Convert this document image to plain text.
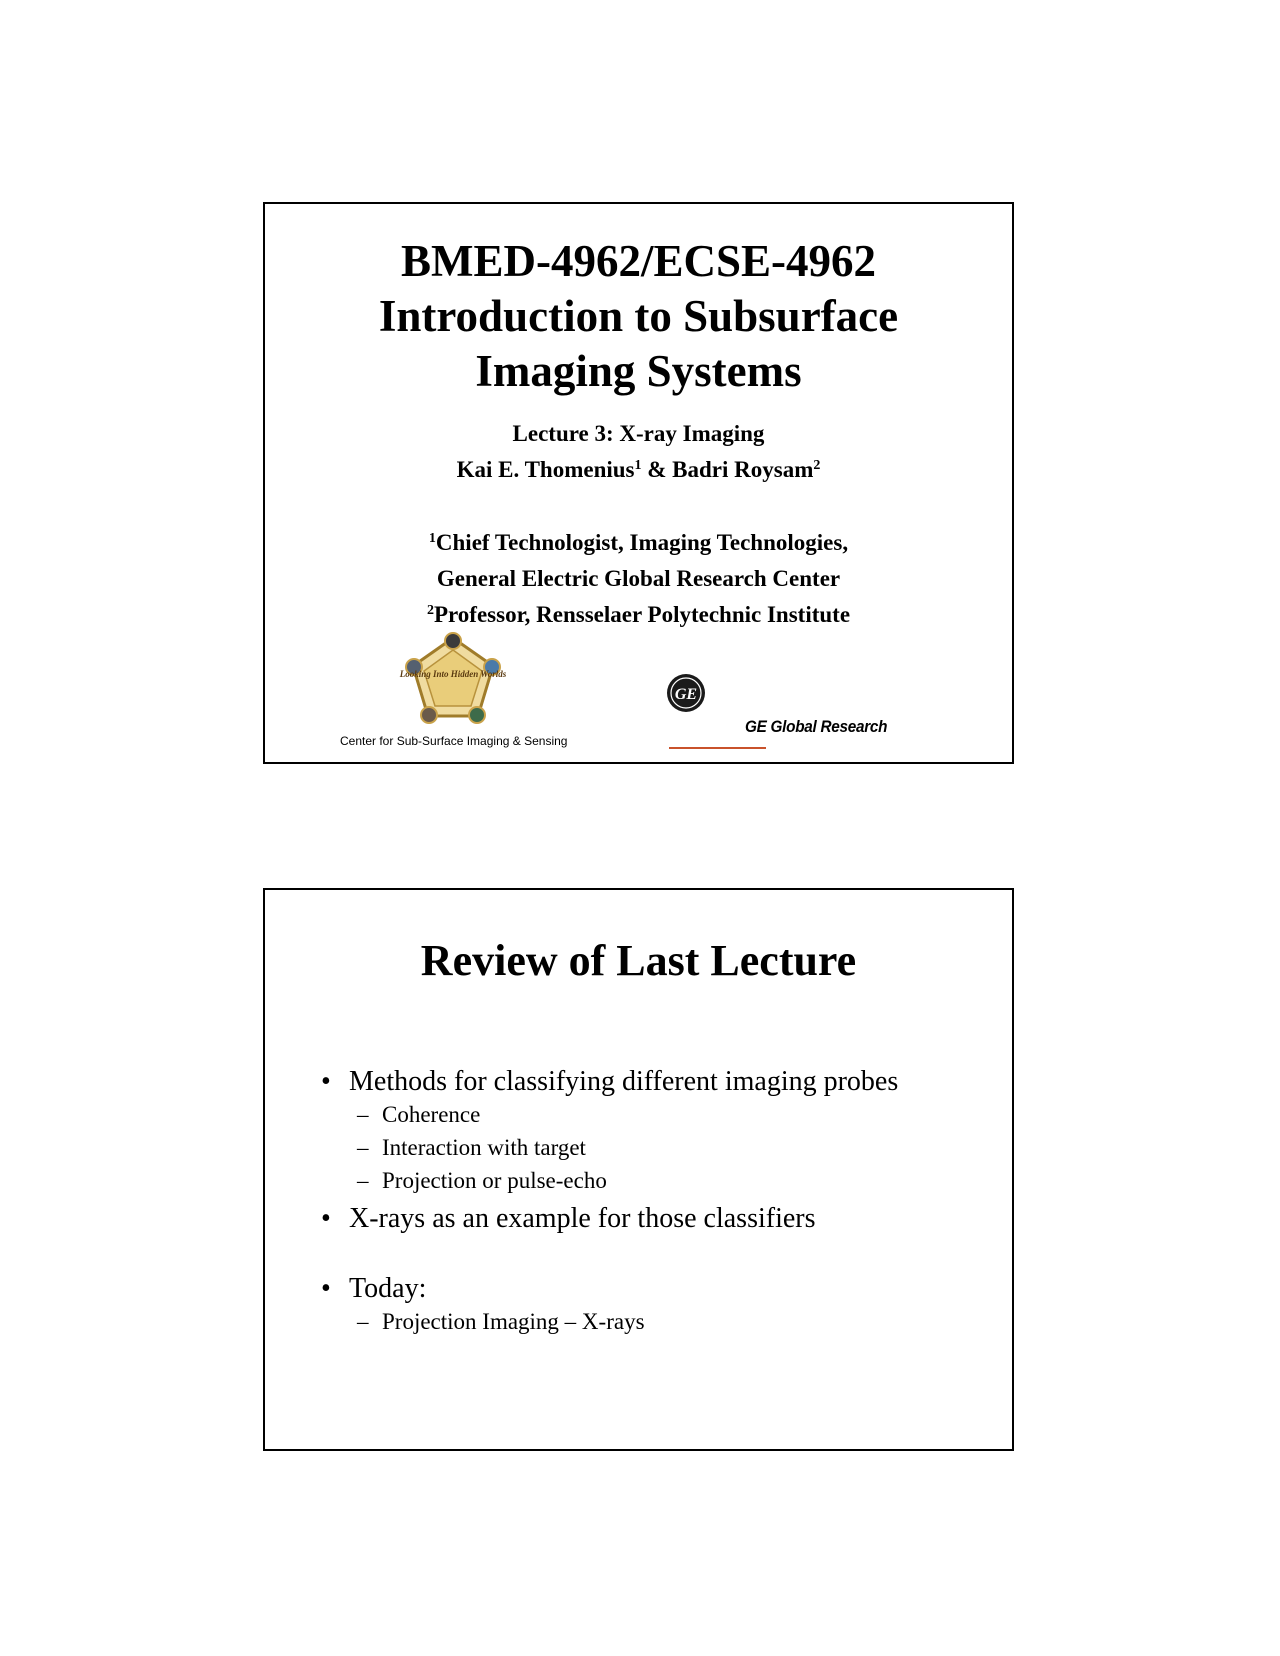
BMED-4962/ECSE-4962
Introduction to Subsurface
Imaging Systems
Lecture 3: X-ray Imaging
Kai E. Thomenius$^1$ & Badri Roysam$^2$
$^1$Chief Technologist, Imaging Technologies,
General Electric Global Research Center
$^2$Professor, Rensselaer Polytechnic Institute
Looking Into Hidden Worlds
Center for Sub-Surface Imaging & Sensing
GE
GE Global Research
Review of Last Lecture
• Methods for classifying different imaging probes
– Coherence
– Interaction with target
– Projection or pulse-echo
• X-rays as an example for those classifiers
• Today:
– Projection Imaging – X-rays
